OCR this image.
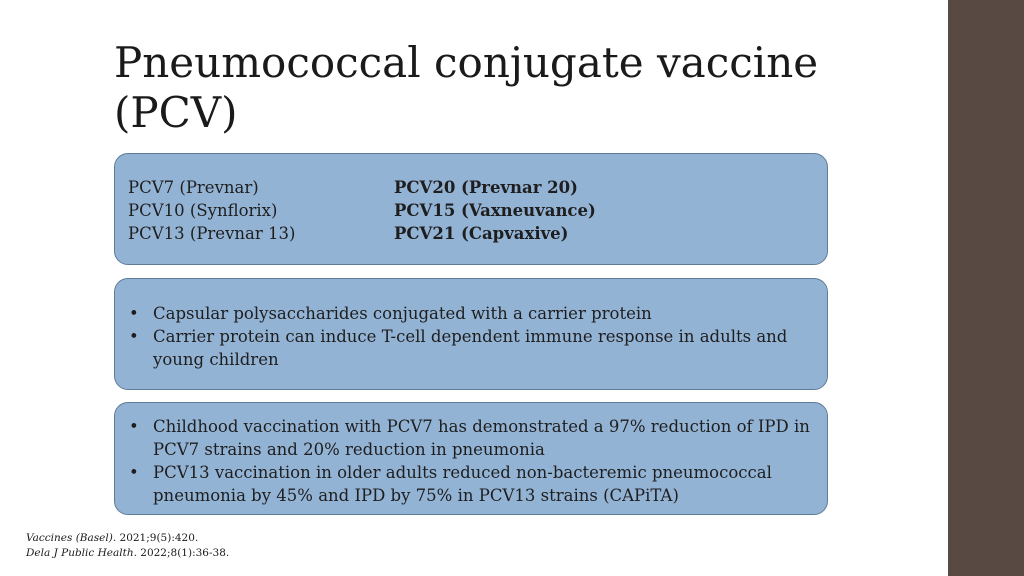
Pneumococcal conjugate vaccine
(PCV)
PCV7 (Prevnar)
PCV10 (Synflorix)
PCV13 (Prevnar 13)
PCV20 (Prevnar 20)
PCV15 (Vaxneuvance)
PCV21 (Capvaxive)
• Capsular polysaccharides conjugated with a carrier protein
• Carrier protein can induce T-cell dependent immune response in adults and young children
• Childhood vaccination with PCV7 has demonstrated a 97% reduction of IPD in PCV7 strains and 20% reduction in pneumonia
• PCV13 vaccination in older adults reduced non-bacteremic pneumococcal pneumonia by 45% and IPD by 75% in PCV13 strains (CAPiTA)
Vaccines (Basel). 2021;9(5):420.
Dela J Public Health. 2022;8(1):36-38.
